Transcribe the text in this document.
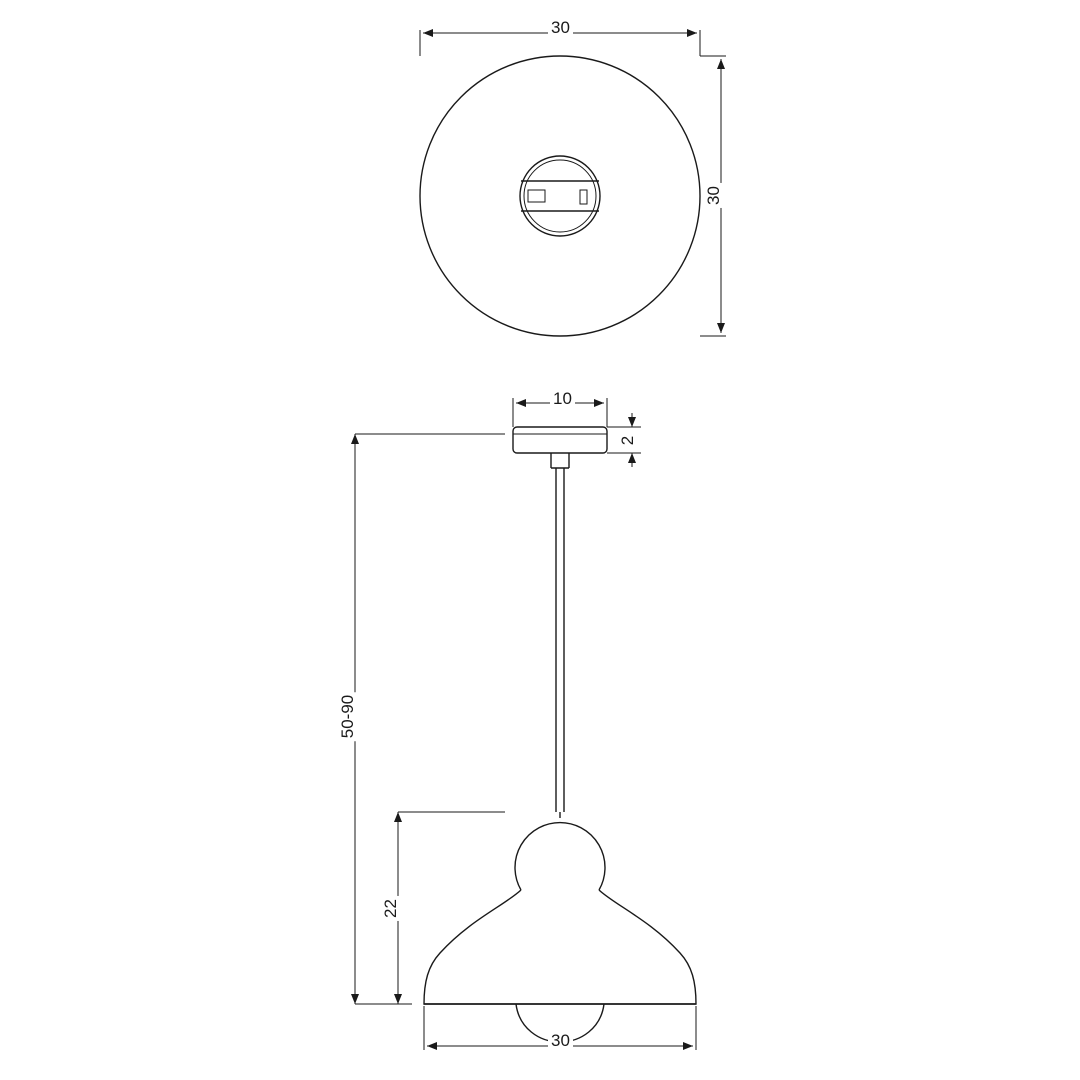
30
30
10
2
50-90
22
30
